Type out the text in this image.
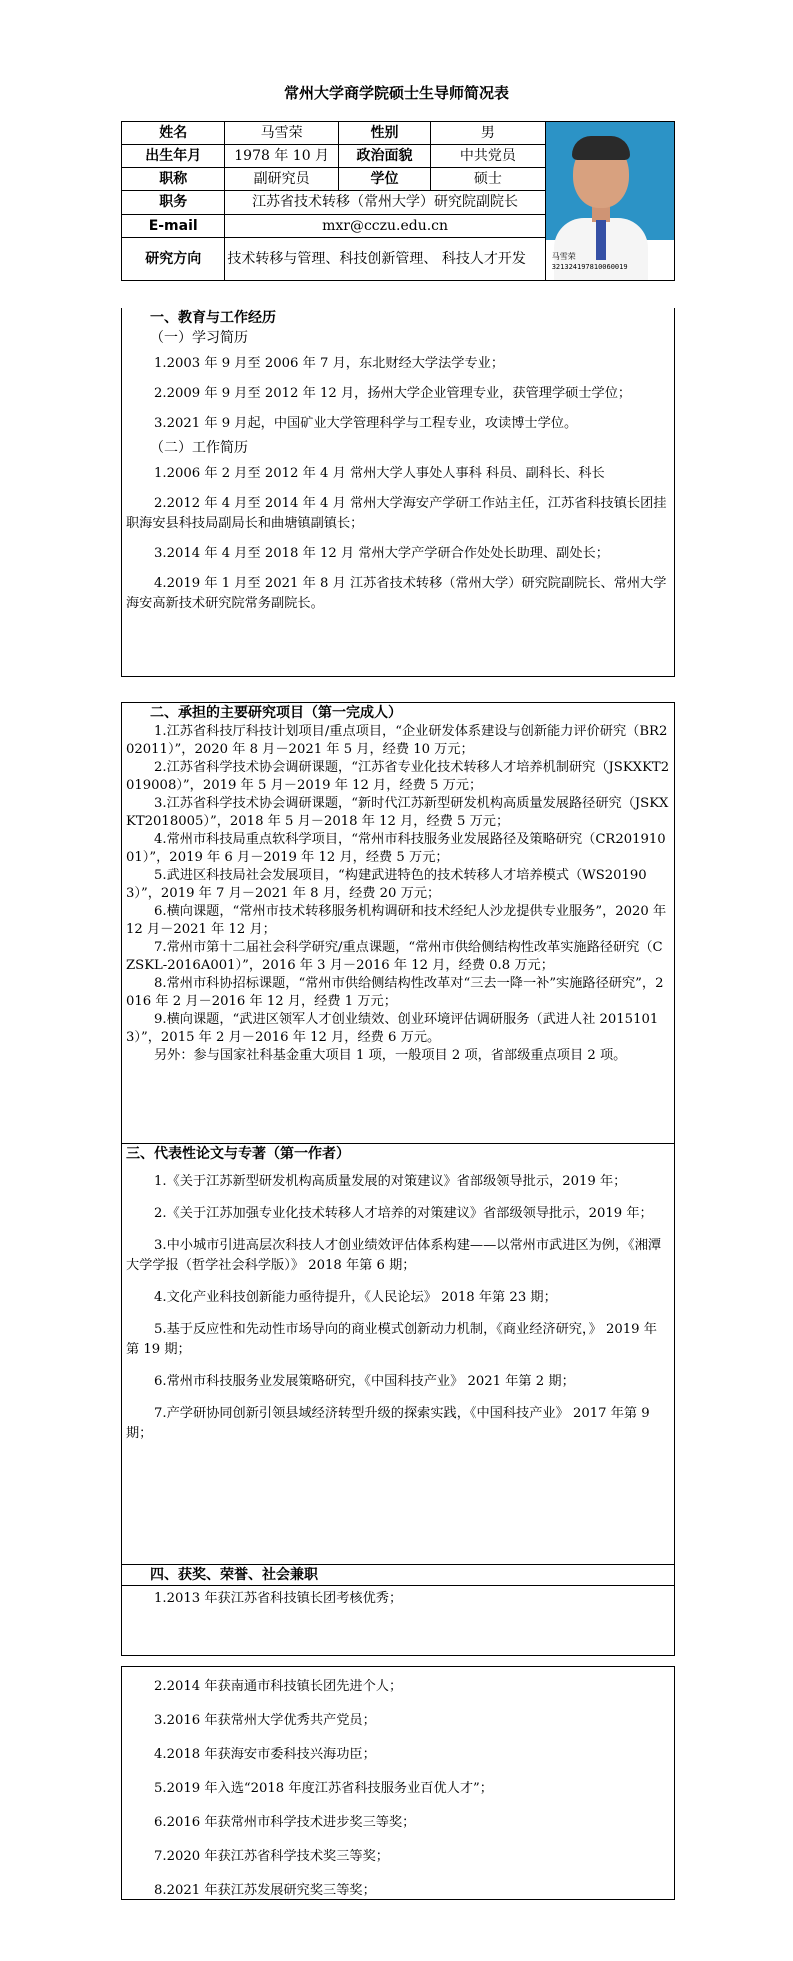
常州大学商学院硕士生导师简况表
姓名	马雪荣	性别	男	马雪荣
321324197810060019

出生年月	1978 年 10 月	政治面貌	中共党员	
职称	副研究员	学位	硕士	
职务	江苏省技术转移（常州大学）研究院副院长			
E-mail	mxr@cczu.edu.cn			
研究方向	技术转移与管理、科技创新管理、 科技人才开发			
一、教育与工作经历
（一）学习简历

1.2003 年 9 月至 2006 年 7 月，东北财经大学法学专业；

2.2009 年 9 月至 2012 年 12 月，扬州大学企业管理专业，获管理学硕士学位；

3.2021 年 9 月起，中国矿业大学管理科学与工程专业，攻读博士学位。

（二）工作简历

1.2006 年 2 月至 2012 年 4 月 常州大学人事处人事科 科员、副科长、科长

2.2012 年 4 月至 2014 年 4 月 常州大学海安产学研工作站主任，江苏省科技镇长团挂职海安县科技局副局长和曲塘镇副镇长；

3.2014 年 4 月至 2018 年 12 月 常州大学产学研合作处处长助理、副处长；

4.2019 年 1 月至 2021 年 8 月 江苏省技术转移（常州大学）研究院副院长、常州大学海安高新技术研究院常务副院长。

二、承担的主要研究项目（第一完成人）

1.江苏省科技厅科技计划项目/重点项目，“企业研发体系建设与创新能力评价研究（BR202011）”，2020 年 8 月－2021 年 5 月，经费 10 万元；

2.江苏省科学技术协会调研课题，“江苏省专业化技术转移人才培养机制研究（JSKXKT2019008）”，2019 年 5 月－2019 年 12 月，经费 5 万元；

3.江苏省科学技术协会调研课题，“新时代江苏新型研发机构高质量发展路径研究（JSKXKT2018005）”，2018 年 5 月－2018 年 12 月，经费 5 万元；

4.常州市科技局重点软科学项目，“常州市科技服务业发展路径及策略研究（CR20191001）”，2019 年 6 月－2019 年 12 月，经费 5 万元；

5.武进区科技局社会发展项目，“构建武进特色的技术转移人才培养模式（WS201903）”，2019 年 7 月－2021 年 8 月，经费 20 万元；

6.横向课题，“常州市技术转移服务机构调研和技术经纪人沙龙提供专业服务”，2020 年 12 月－2021 年 12 月；

7.常州市第十二届社会科学研究/重点课题，“常州市供给侧结构性改革实施路径研究（CZSKL-2016A001）”，2016 年 3 月－2016 年 12 月，经费 0.8 万元；

8.常州市科协招标课题，“常州市供给侧结构性改革对“三去一降一补”实施路径研究”，2016 年 2 月－2016 年 12 月，经费 1 万元；

9.横向课题，“武进区领军人才创业绩效、创业环境评估调研服务（武进人社 20151013）”，2015 年 2 月－2016 年 12 月，经费 6 万元。

另外：参与国家社科基金重大项目 1 项，一般项目 2 项，省部级重点项目 2 项。

三、代表性论文与专著（第一作者）

1.《关于江苏新型研发机构高质量发展的对策建议》省部级领导批示，2019 年；

2.《关于江苏加强专业化技术转移人才培养的对策建议》省部级领导批示，2019 年；

3.中小城市引进高层次科技人才创业绩效评估体系构建——以常州市武进区为例，《湘潭大学学报（哲学社会科学版）》 2018 年第 6 期；

4.文化产业科技创新能力亟待提升，《人民论坛》 2018 年第 23 期；

5.基于反应性和先动性市场导向的商业模式创新动力机制，《商业经济研究，》 2019 年第 19 期；

6.常州市科技服务业发展策略研究，《中国科技产业》 2021 年第 2 期；

7.产学研协同创新引领县域经济转型升级的探索实践，《中国科技产业》 2017 年第 9 期；

四、获奖、荣誉、社会兼职
1.2013 年获江苏省科技镇长团考核优秀；

2.2014 年获南通市科技镇长团先进个人；

3.2016 年获常州大学优秀共产党员；

4.2018 年获海安市委科技兴海功臣；

5.2019 年入选“2018 年度江苏省科技服务业百优人才”；

6.2016 年获常州市科学技术进步奖三等奖；

7.2020 年获江苏省科学技术奖三等奖；

8.2021 年获江苏发展研究奖三等奖；
